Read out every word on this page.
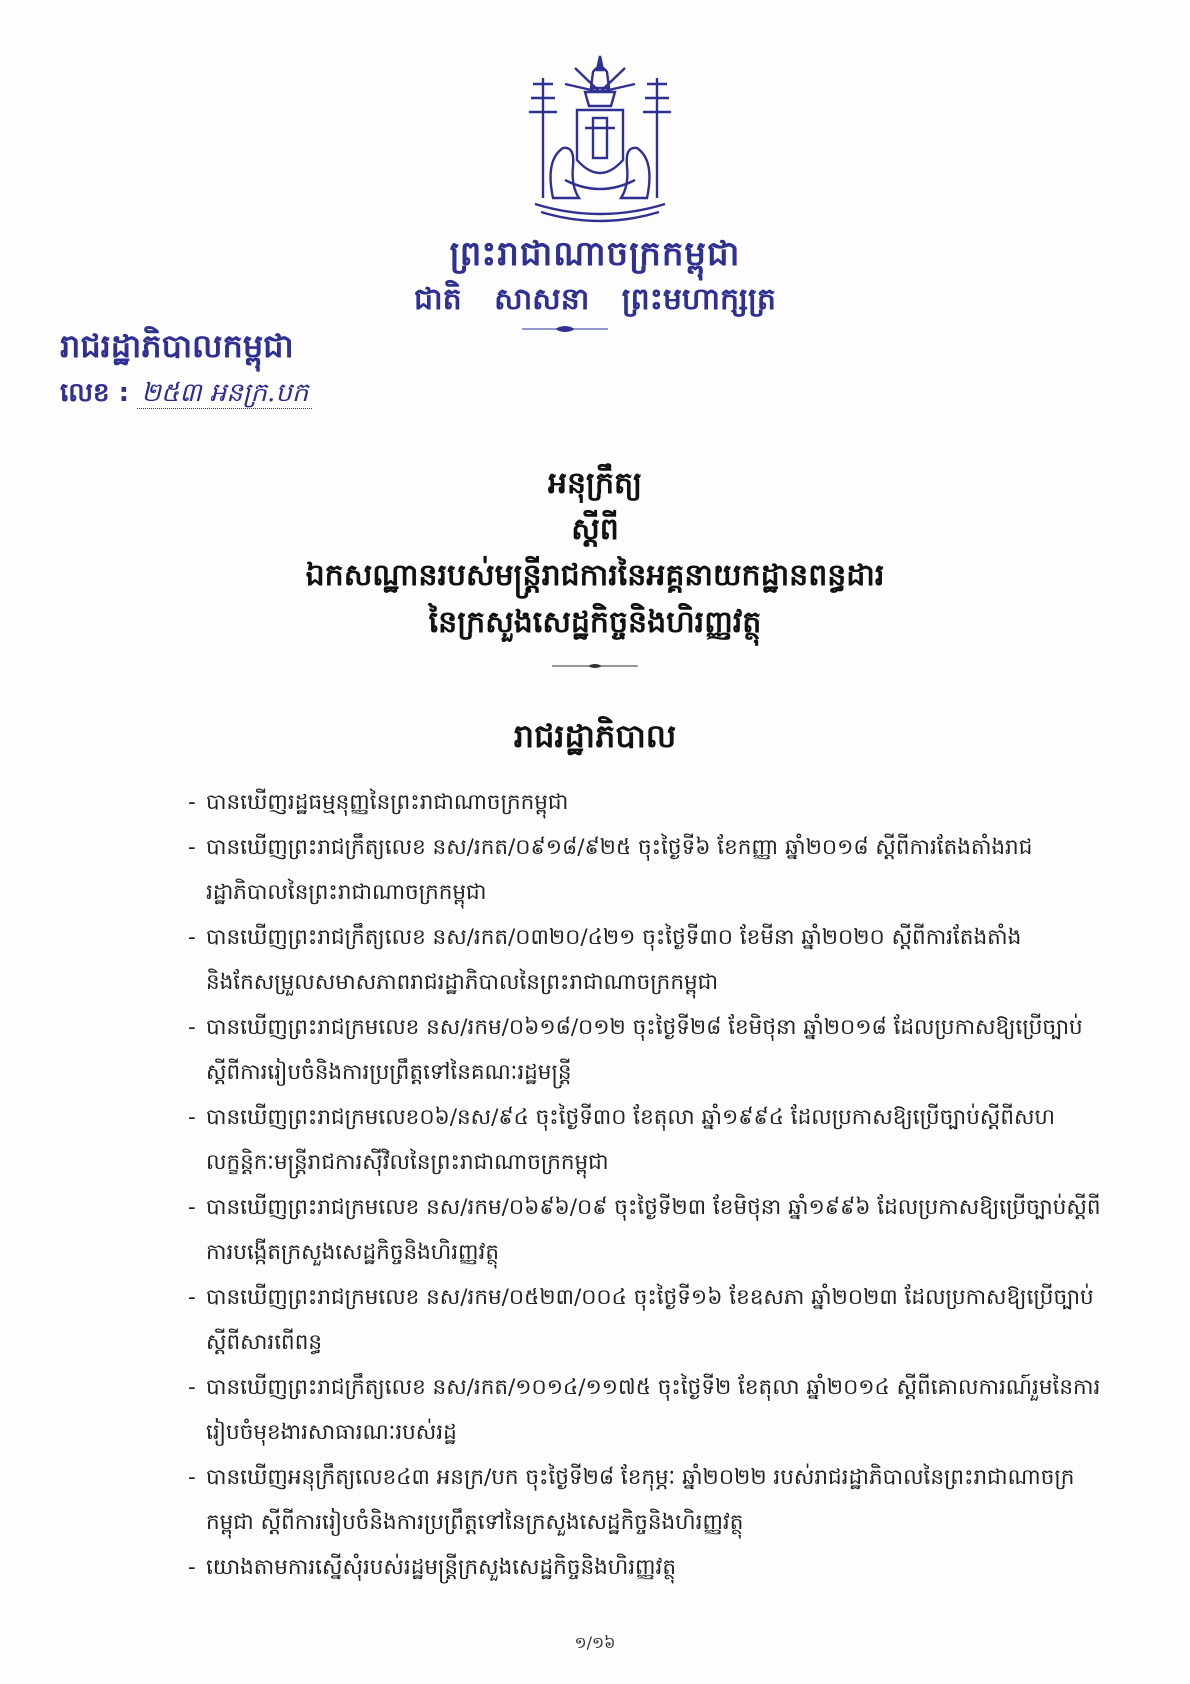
ព្រះរាជាណាចក្រកម្ពុជា
ជាតិ សាសនា ព្រះមហាក្សត្រ
រាជរដ្ឋាភិបាលកម្ពុជា
លេខ : ២៥៣ អនក្រ.បក
អនុក្រឹត្យ
ស្ដីពី
ឯកសណ្ឋានរបស់មន្ត្រីរាជការនៃអគ្គនាយកដ្ឋានពន្ធដារ
នៃក្រសួងសេដ្ឋកិច្ចនិងហិរញ្ញវត្ថុ
រាជរដ្ឋាភិបាល
- បានឃើញរដ្ឋធម្មនុញ្ញនៃព្រះរាជាណាចក្រកម្ពុជា
- បានឃើញព្រះរាជក្រឹត្យលេខ នស/រកត/០៩១៨/៩២៥ ចុះថ្ងៃទី៦ ខែកញ្ញា ឆ្នាំ២០១៨ ស្តីពីការតែងតាំងរាជរដ្ឋាភិបាលនៃព្រះរាជាណាចក្រកម្ពុជា
- បានឃើញព្រះរាជក្រឹត្យលេខ នស/រកត/០៣២០/៤២១ ចុះថ្ងៃទី៣០ ខែមីនា ឆ្នាំ២០២០ ស្តីពីការតែងតាំងនិងកែសម្រួលសមាសភាពរាជរដ្ឋាភិបាលនៃព្រះរាជាណាចក្រកម្ពុជា
- បានឃើញព្រះរាជក្រមលេខ នស/រកម/០៦១៨/០១២ ចុះថ្ងៃទី២៨ ខែមិថុនា ឆ្នាំ២០១៨ ដែលប្រកាសឱ្យប្រើច្បាប់ស្តីពីការរៀបចំនិងការប្រព្រឹត្តទៅនៃគណៈរដ្ឋមន្ត្រី
- បានឃើញព្រះរាជក្រមលេខ០៦/នស/៩៤ ចុះថ្ងៃទី៣០ ខែតុលា ឆ្នាំ១៩៩៤ ដែលប្រកាសឱ្យប្រើច្បាប់ស្តីពីសហលក្ខន្តិកៈមន្ត្រីរាជការស៊ីវិលនៃព្រះរាជាណាចក្រកម្ពុជា
- បានឃើញព្រះរាជក្រមលេខ នស/រកម/០៦៩៦/០៩ ចុះថ្ងៃទី២៣ ខែមិថុនា ឆ្នាំ១៩៩៦ ដែលប្រកាសឱ្យប្រើច្បាប់ស្តីពីការបង្កើតក្រសួងសេដ្ឋកិច្ចនិងហិរញ្ញវត្ថុ
- បានឃើញព្រះរាជក្រមលេខ នស/រកម/០៥២៣/០០៤ ចុះថ្ងៃទី១៦ ខែឧសភា ឆ្នាំ២០២៣ ដែលប្រកាសឱ្យប្រើច្បាប់ស្តីពីសារពើពន្ធ
- បានឃើញព្រះរាជក្រឹត្យលេខ នស/រកត/១០១៤/១១៧៥ ចុះថ្ងៃទី២ ខែតុលា ឆ្នាំ២០១៤ ស្តីពីគោលការណ៍រួមនៃការរៀបចំមុខងារសាធារណៈរបស់រដ្ឋ
- បានឃើញអនុក្រឹត្យលេខ៤៣ អនក្រ/បក ចុះថ្ងៃទី២៨ ខែកុម្ភៈ ឆ្នាំ២០២២ របស់រាជរដ្ឋាភិបាលនៃព្រះរាជាណាចក្រកម្ពុជា ស្តីពីការរៀបចំនិងការប្រព្រឹត្តទៅនៃក្រសួងសេដ្ឋកិច្ចនិងហិរញ្ញវត្ថុ
- យោងតាមការស្នើសុំរបស់រដ្ឋមន្ត្រីក្រសួងសេដ្ឋកិច្ចនិងហិរញ្ញវត្ថុ
១/១៦
